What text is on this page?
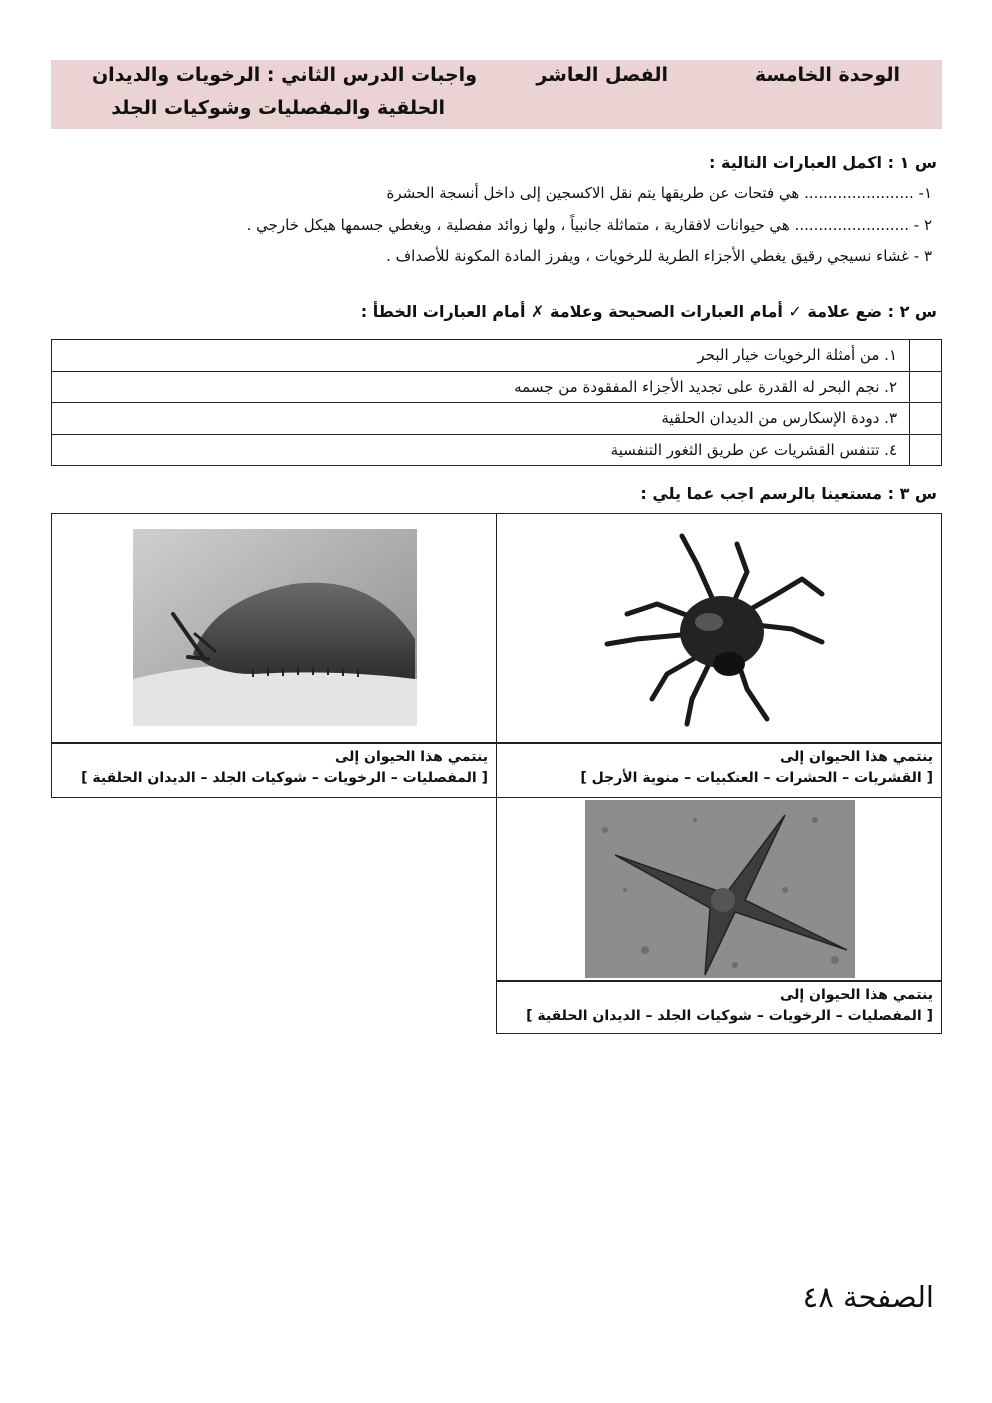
الوحدة الخامسة
الفصل العاشر
واجبات الدرس الثاني : الرخويات والديدان
الحلقية والمفصليات وشوكيات الجلد
س ١ : اكمل العبارات التالية :
١- ....................... هي فتحات عن طريقها يتم نقل الاكسجين إلى داخل أنسجة الحشرة
٢ - ........................ هي حيوانات لافقارية ، متماثلة جانبياً ، ولها زوائد مفصلية ، ويغطي جسمها هيكل خارجي .
٣ - غشاء نسيجي رقيق يغطي الأجزاء الطرية للرخويات ، ويفرز المادة المكونة للأصداف .
س ٢ : ضع علامة ✓ أمام العبارات الصحيحة وعلامة ✗ أمام العبارات الخطأ :
	١. من أمثلة الرخويات خيار البحر
	٢. نجم البحر له القدرة على تجديد الأجزاء المفقودة من جسمه
	٣. دودة الإسكارس من الديدان الحلقية
	٤. تتنفس القشريات عن طريق الثغور التنفسية
س ٣ : مستعينا بالرسم اجب عما يلي :
ينتمي هذا الحيوان إلى
[ القشريات – الحشرات – العنكبيات – منوية الأرجل ]
ينتمي هذا الحيوان إلى
[ المفصليات – الرخويات – شوكيات الجلد – الديدان الحلقية ]
ينتمي هذا الحيوان إلى
[ المفصليات – الرخويات – شوكيات الجلد – الديدان الحلقية ]
الصفحة ٤٨
